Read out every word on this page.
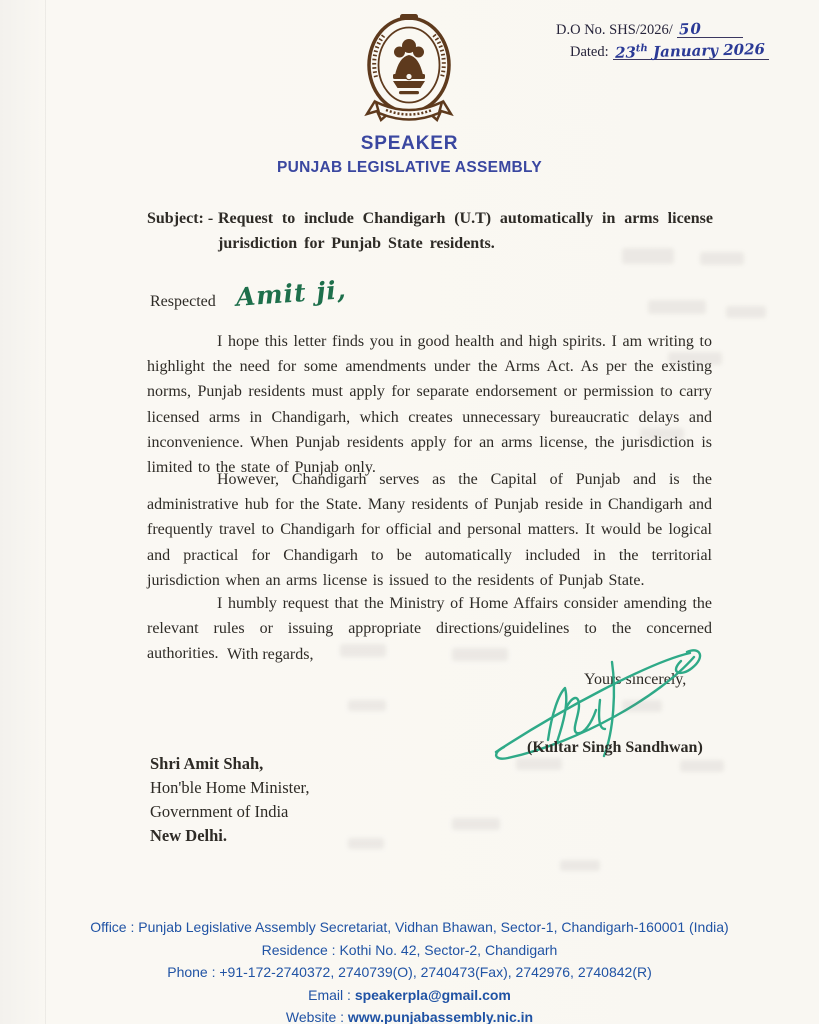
D.O No. SHS/2026/ 50
Dated: 23th January 2026
SPEAKER
PUNJAB LEGISLATIVE ASSEMBLY
Subject: - Request to include Chandigarh (U.T) automatically in arms license jurisdiction for Punjab State residents.
Respected Amit ji,
I hope this letter finds you in good health and high spirits. I am writing to highlight the need for some amendments under the Arms Act. As per the existing norms, Punjab residents must apply for separate endorsement or permission to carry licensed arms in Chandigarh, which creates unnecessary bureaucratic delays and inconvenience. When Punjab residents apply for an arms license, the jurisdiction is limited to the state of Punjab only.
However, Chandigarh serves as the Capital of Punjab and is the administrative hub for the State. Many residents of Punjab reside in Chandigarh and frequently travel to Chandigarh for official and personal matters. It would be logical and practical for Chandigarh to be automatically included in the territorial jurisdiction when an arms license is issued to the residents of Punjab State.
I humbly request that the Ministry of Home Affairs consider amending the relevant rules or issuing appropriate directions/guidelines to the concerned authorities. With regards,
Yours sincerely,
(Kultar Singh Sandhwan)
Shri Amit Shah,
Hon'ble Home Minister,
Government of India
New Delhi.
Office : Punjab Legislative Assembly Secretariat, Vidhan Bhawan, Sector-1, Chandigarh-160001 (India)
Residence : Kothi No. 42, Sector-2, Chandigarh
Phone : +91-172-2740372, 2740739(O), 2740473(Fax), 2742976, 2740842(R)
Email : speakerpla@gmail.com
Website : www.punjabassembly.nic.in
